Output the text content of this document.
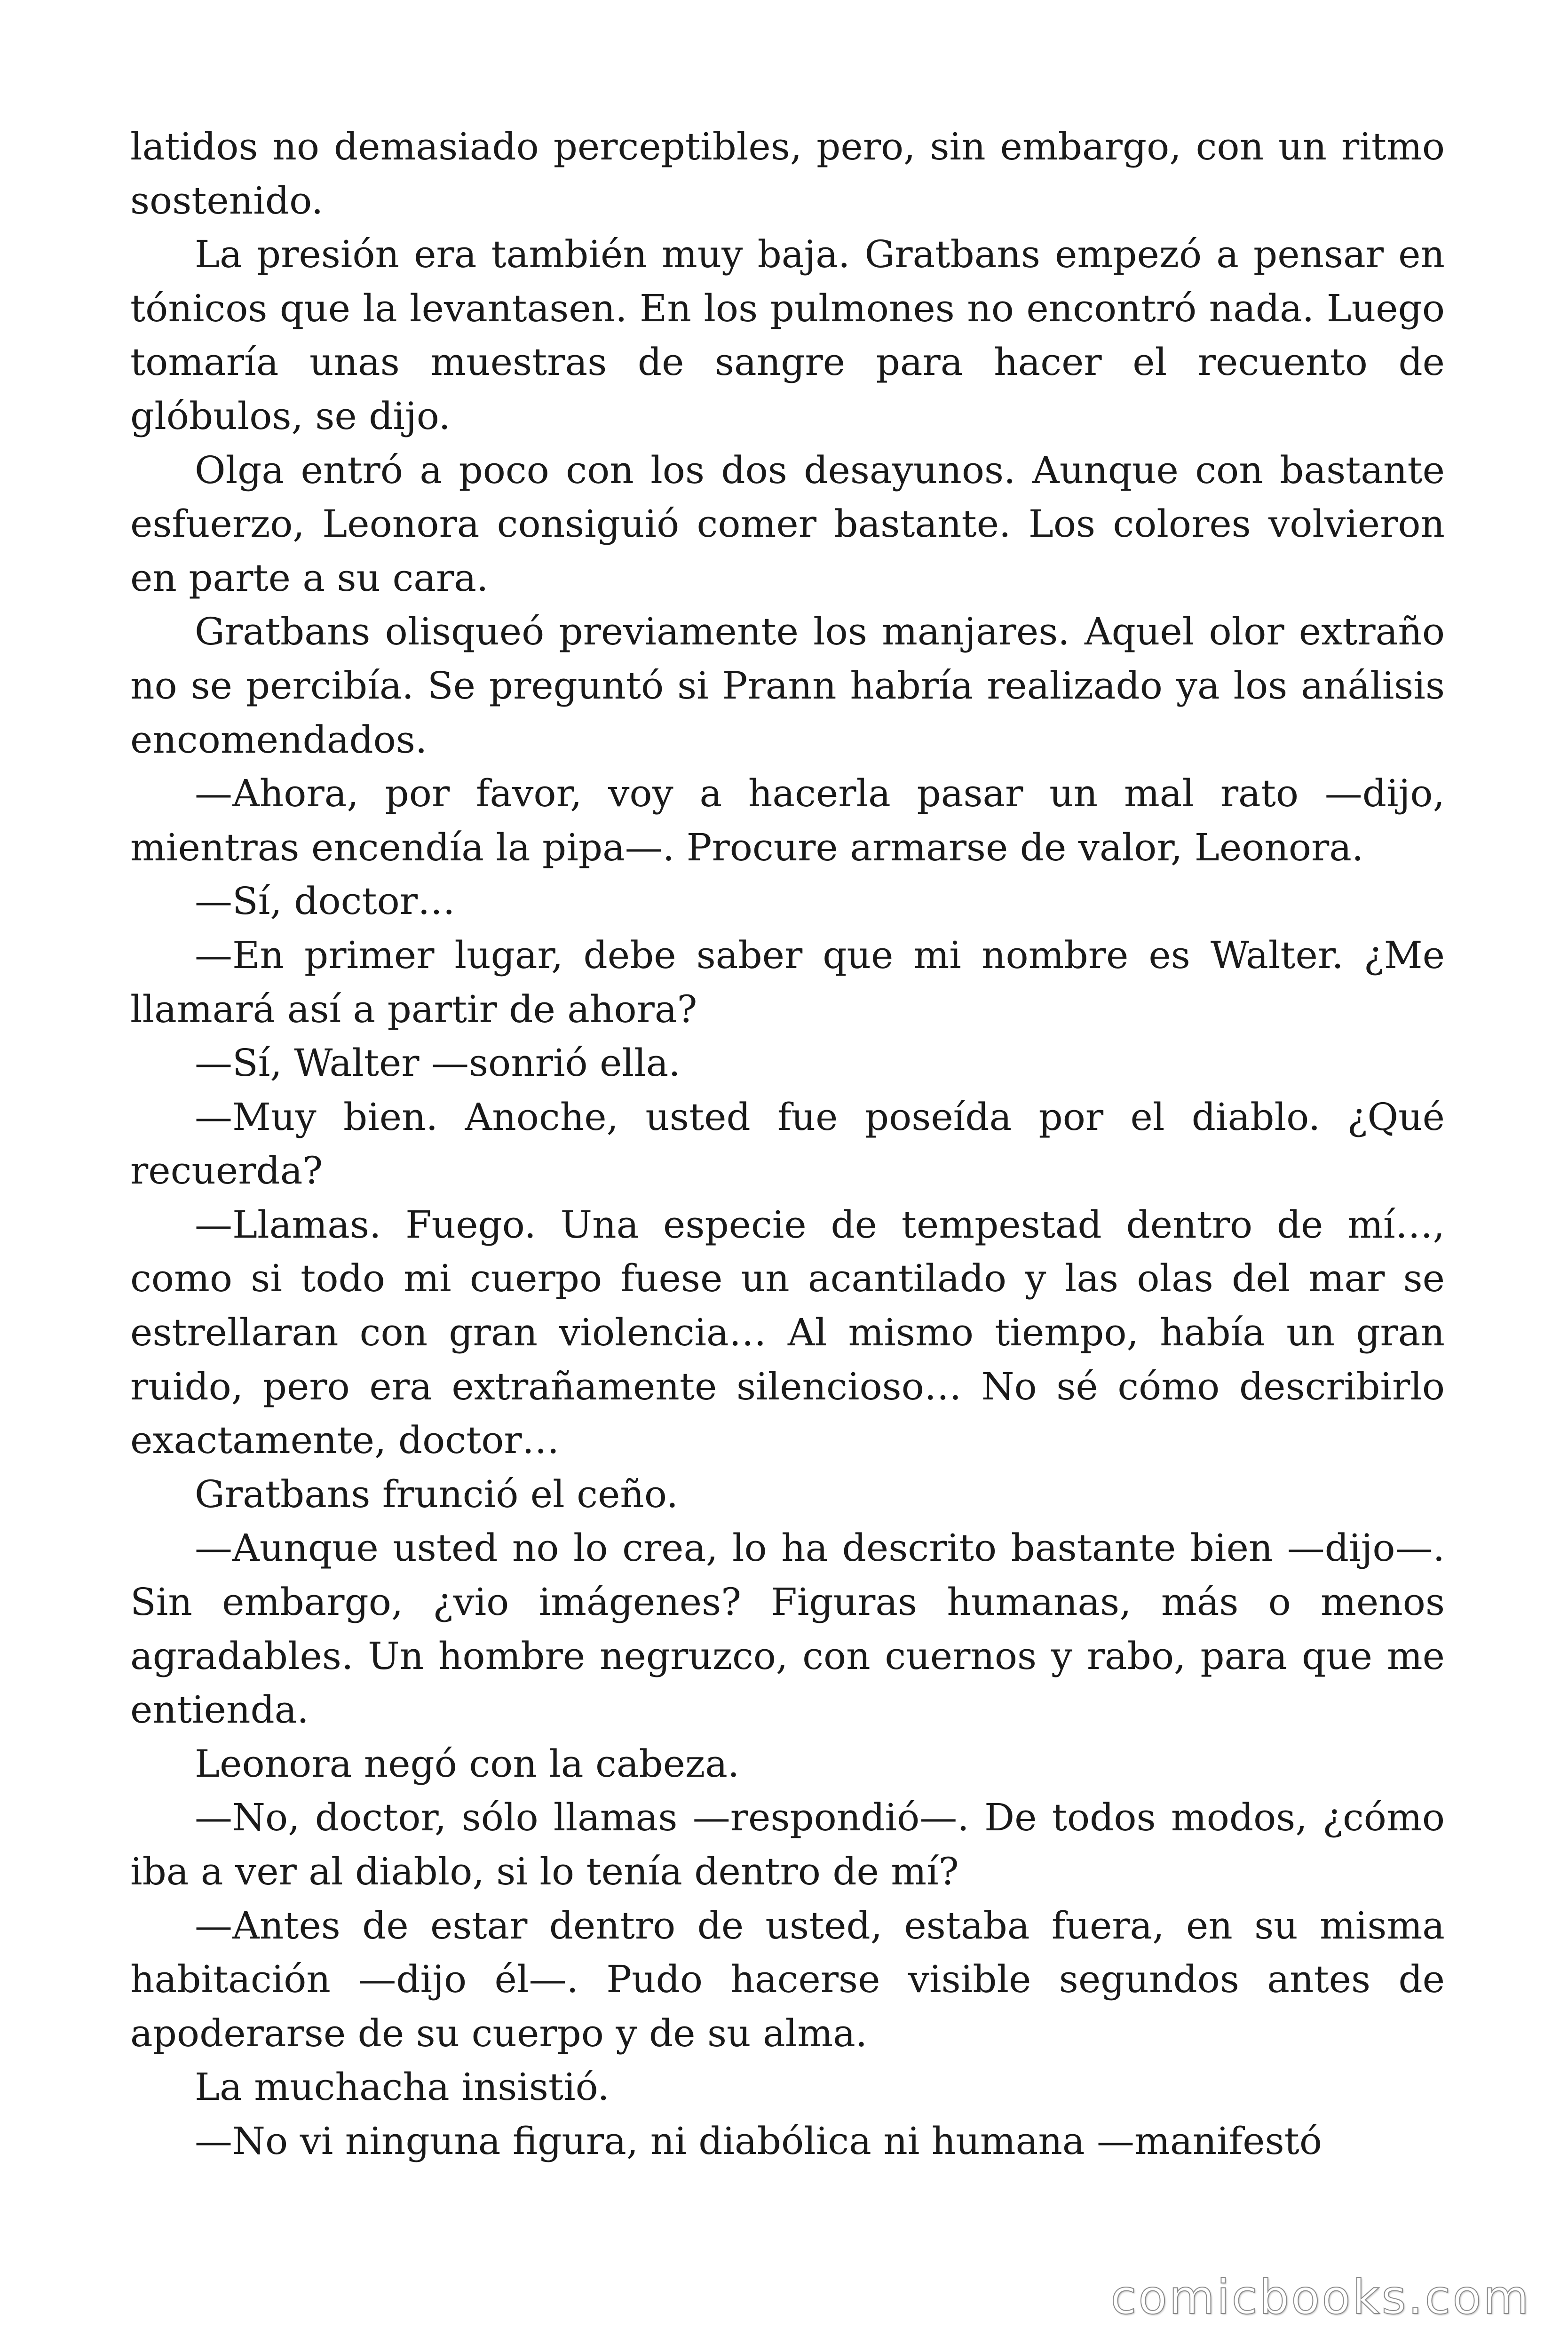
latidos no demasiado perceptibles, pero, sin embargo, con un ritmo sostenido.

La presión era también muy baja. Gratbans empezó a pensar en tónicos que la levantasen. En los pulmones no encontró nada. Luego tomaría unas muestras de sangre para hacer el recuento de glóbulos, se dijo.

Olga entró a poco con los dos desayunos. Aunque con bastante esfuerzo, Leonora consiguió comer bastante. Los colores volvieron en parte a su cara.

Gratbans olisqueó previamente los manjares. Aquel olor extraño no se percibía. Se preguntó si Prann habría realizado ya los análisis encomendados.

—Ahora, por favor, voy a hacerla pasar un mal rato —dijo, mientras encendía la pipa—. Procure armarse de valor, Leonora.

—Sí, doctor…

—En primer lugar, debe saber que mi nombre es Walter. ¿Me llamará así a partir de ahora?

—Sí, Walter —sonrió ella.

—Muy bien. Anoche, usted fue poseída por el diablo. ¿Qué recuerda?

—Llamas. Fuego. Una especie de tempestad dentro de mí…, como si todo mi cuerpo fuese un acantilado y las olas del mar se estrellaran con gran violencia… Al mismo tiempo, había un gran ruido, pero era extrañamente silencioso… No sé cómo describirlo exactamente, doctor…

Gratbans frunció el ceño.

—Aunque usted no lo crea, lo ha descrito bastante bien —dijo—. Sin embargo, ¿vio imágenes? Figuras humanas, más o menos agradables. Un hombre negruzco, con cuernos y rabo, para que me entienda.

Leonora negó con la cabeza.

—No, doctor, sólo llamas —respondió—. De todos modos, ¿cómo iba a ver al diablo, si lo tenía dentro de mí?

—Antes de estar dentro de usted, estaba fuera, en su misma habitación —dijo él—. Pudo hacerse visible segundos antes de apoderarse de su cuerpo y de su alma.

La muchacha insistió.

—No vi ninguna figura, ni diabólica ni humana —manifestó

comicbooks.com
